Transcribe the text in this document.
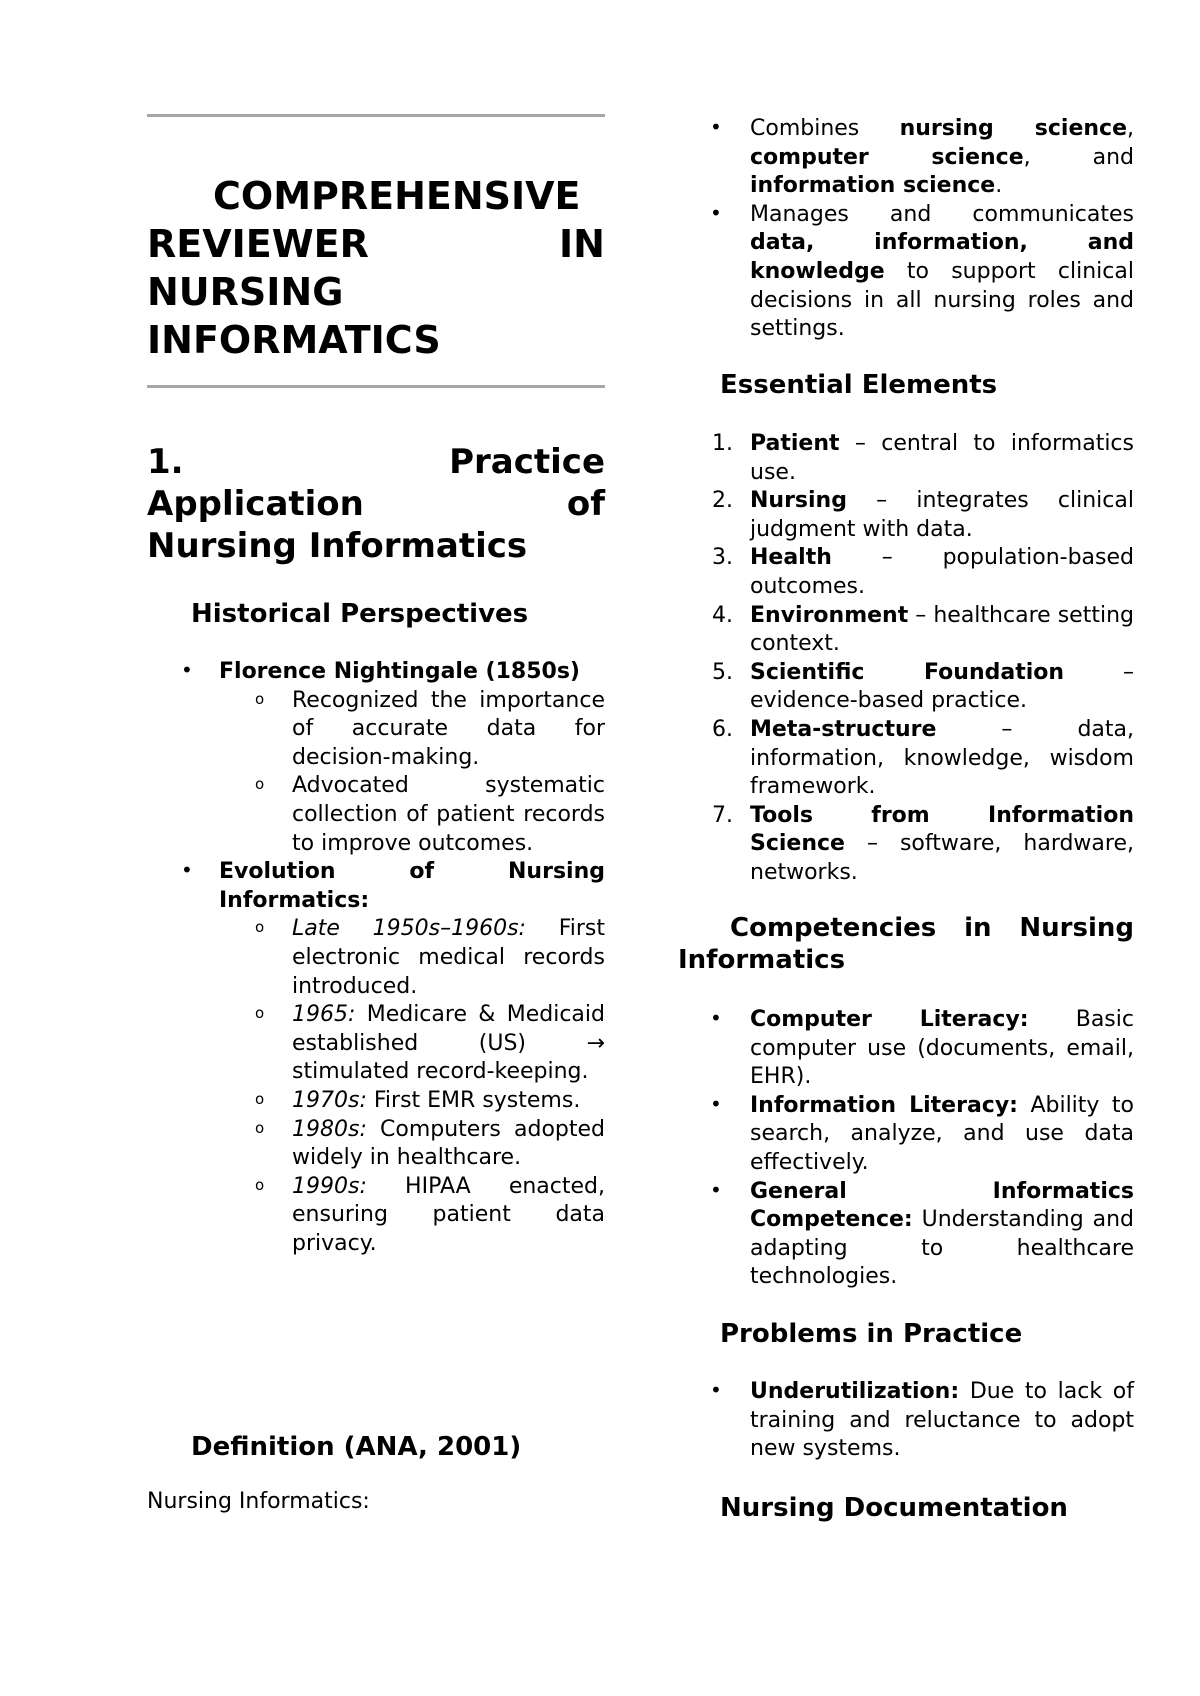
COMPREHENSIVE
REVIEWER	IN
NURSING
INFORMATICS
1.	Practice
Application	of
Nursing Informatics
Historical Perspectives
• Florence Nightingale (1850s)
o Recognized the importance of accurate data for decision-making.
o Advocated systematic collection of patient records to improve outcomes.
• Evolution of Nursing Informatics:
o Late 1950s–1960s: First electronic medical records introduced.
o 1965: Medicare & Medicaid established (US) → stimulated record-keeping.
o 1970s: First EMR systems.
o 1980s: Computers adopted widely in healthcare.
o 1990s: HIPAA enacted, ensuring patient data privacy.
Definition (ANA, 2001)
Nursing Informatics:
• Combines nursing science, computer science, and information science.
• Manages and communicates data, information, and knowledge to support clinical decisions in all nursing roles and settings.
Essential Elements
1. Patient – central to informatics use.
2. Nursing – integrates clinical judgment with data.
3. Health – population-based outcomes.
4. Environment – healthcare setting context.
5. Scientific Foundation – evidence-based practice.
6. Meta-structure – data, information, knowledge, wisdom framework.
7. Tools from Information Science – software, hardware, networks.
Competencies in Nursing
Informatics
• Computer Literacy: Basic computer use (documents, email, EHR).
• Information Literacy: Ability to search, analyze, and use data effectively.
• General Informatics Competence: Understanding and adapting to healthcare technologies.
Problems in Practice
• Underutilization: Due to lack of training and reluctance to adopt new systems.
Nursing Documentation
